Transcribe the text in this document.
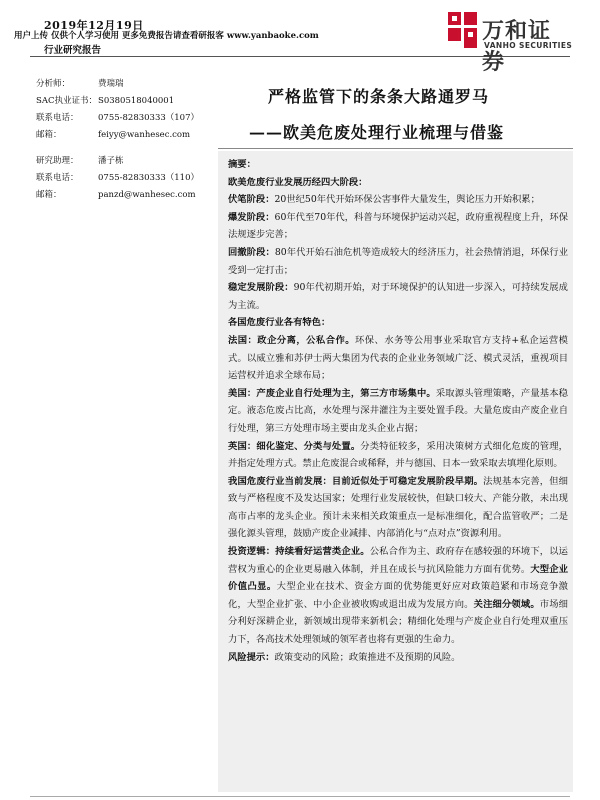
2019年12月19日
用户上传 仅供个人学习使用 更多免费报告请查看研报客 www.yanbaoke.com
行业研究报告
万和证券
VANHO SECURITIES
分析师：	费瑞瑞
SAC执业证书：S0380518040001
联系电话： 0755-82830333（107）
邮箱：	feiyy@wanhesec.com
研究助理： 潘子栋
联系电话： 0755-82830333（110）
邮箱：	panzd@wanhesec.com
严格监管下的条条大路通罗马
——欧美危废处理行业梳理与借鉴

摘要：

欧美危废行业发展历经四大阶段：

伏笔阶段：20世纪50年代开始环保公害事件大量发生，舆论压力开始积累；

爆发阶段：60年代至70年代，科普与环境保护运动兴起，政府重视程度上升，环保法规逐步完善；

回撤阶段：80年代开始石油危机等造成较大的经济压力，社会热情消退，环保行业受到一定打击；

稳定发展阶段：90年代初期开始，对于环境保护的认知进一步深入，可持续发展成为主流。

各国危废行业各有特色：

法国：政企分离，公私合作。环保、水务等公用事业采取官方支持+私企运营模式。以威立雅和苏伊士两大集团为代表的企业业务领域广泛、模式灵活，重视项目运营权并追求全球布局；

美国：产废企业自行处理为主，第三方市场集中。采取源头管理策略，产量基本稳定。液态危废占比高，水处理与深井灌注为主要处置手段。大量危废由产废企业自行处理，第三方处理市场主要由龙头企业占据；

英国：细化鉴定、分类与处置。分类特征较多，采用决策树方式细化危废的管理，并指定处理方式。禁止危废混合或稀释，并与德国、日本一致采取去填埋化原则。

我国危废行业当前发展：目前近似处于可稳定发展阶段早期。法规基本完善，但细致与严格程度不及发达国家；处理行业发展较快，但缺口较大、产能分散，未出现高市占率的龙头企业。预计未来相关政策重点一是标准细化，配合监管收严；二是强化源头管理，鼓励产废企业减排、内部消化与“点对点”资源利用。

投资逻辑：持续看好运营类企业。公私合作为主、政府存在感较强的环境下，以运营权为重心的企业更易融入体制，并且在成长与抗风险能力方面有优势。大型企业价值凸显。大型企业在技术、资金方面的优势能更好应对政策趋紧和市场竞争激化，大型企业扩张、中小企业被收购或退出成为发展方向。关注细分领域。市场细分利好深耕企业，新领域出现带来新机会；精细化处理与产废企业自行处理双重压力下，各高技术处理领域的领军者也将有更强的生命力。

风险提示：政策变动的风险；政策推进不及预期的风险。
